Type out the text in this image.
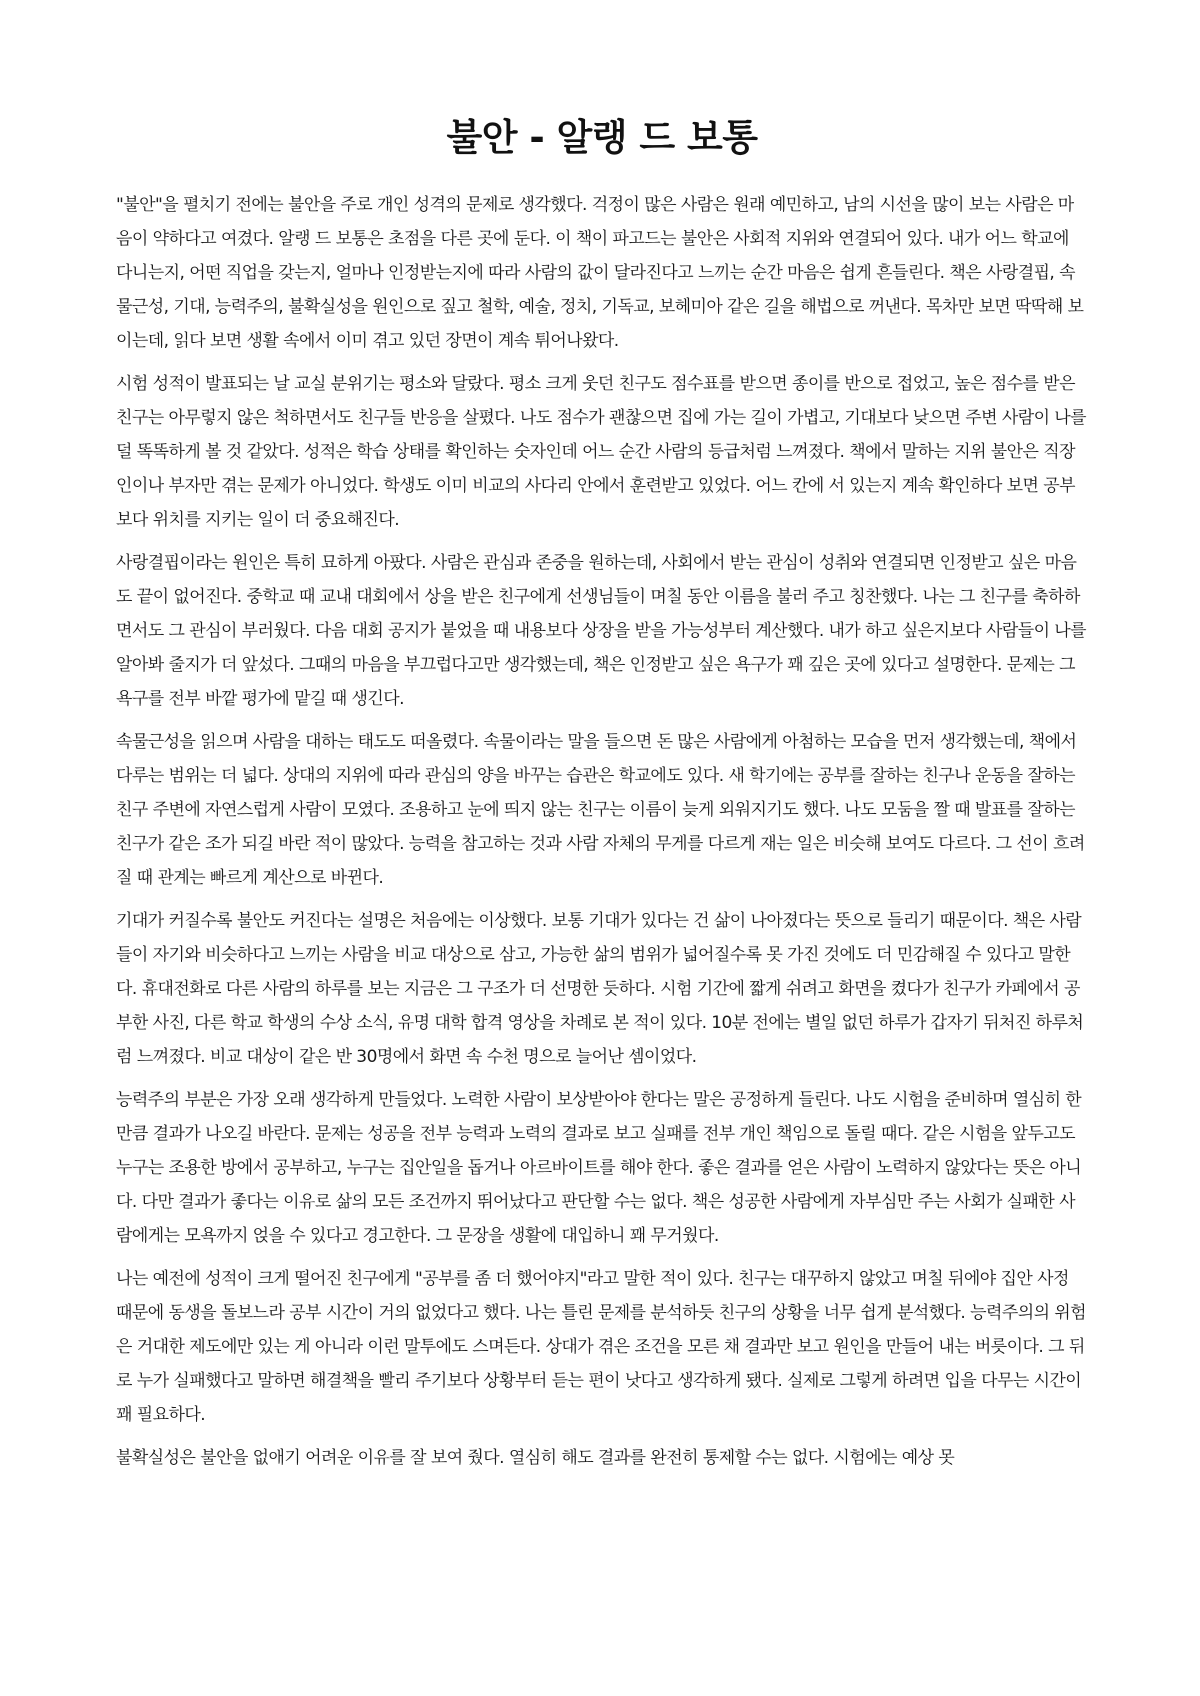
불안 - 알랭 드 보통

"불안"을 펼치기 전에는 불안을 주로 개인 성격의 문제로 생각했다. 걱정이 많은 사람은 원래 예민하고, 남의 시선을 많이 보는 사람은 마음이 약하다고 여겼다. 알랭 드 보통은 초점을 다른 곳에 둔다. 이 책이 파고드는 불안은 사회적 지위와 연결되어 있다. 내가 어느 학교에 다니는지, 어떤 직업을 갖는지, 얼마나 인정받는지에 따라 사람의 값이 달라진다고 느끼는 순간 마음은 쉽게 흔들린다. 책은 사랑결핍, 속물근성, 기대, 능력주의, 불확실성을 원인으로 짚고 철학, 예술, 정치, 기독교, 보헤미아 같은 길을 해법으로 꺼낸다. 목차만 보면 딱딱해 보이는데, 읽다 보면 생활 속에서 이미 겪고 있던 장면이 계속 튀어나왔다.

시험 성적이 발표되는 날 교실 분위기는 평소와 달랐다. 평소 크게 웃던 친구도 점수표를 받으면 종이를 반으로 접었고, 높은 점수를 받은 친구는 아무렇지 않은 척하면서도 친구들 반응을 살폈다. 나도 점수가 괜찮으면 집에 가는 길이 가볍고, 기대보다 낮으면 주변 사람이 나를 덜 똑똑하게 볼 것 같았다. 성적은 학습 상태를 확인하는 숫자인데 어느 순간 사람의 등급처럼 느껴졌다. 책에서 말하는 지위 불안은 직장인이나 부자만 겪는 문제가 아니었다. 학생도 이미 비교의 사다리 안에서 훈련받고 있었다. 어느 칸에 서 있는지 계속 확인하다 보면 공부보다 위치를 지키는 일이 더 중요해진다.

사랑결핍이라는 원인은 특히 묘하게 아팠다. 사람은 관심과 존중을 원하는데, 사회에서 받는 관심이 성취와 연결되면 인정받고 싶은 마음도 끝이 없어진다. 중학교 때 교내 대회에서 상을 받은 친구에게 선생님들이 며칠 동안 이름을 불러 주고 칭찬했다. 나는 그 친구를 축하하면서도 그 관심이 부러웠다. 다음 대회 공지가 붙었을 때 내용보다 상장을 받을 가능성부터 계산했다. 내가 하고 싶은지보다 사람들이 나를 알아봐 줄지가 더 앞섰다. 그때의 마음을 부끄럽다고만 생각했는데, 책은 인정받고 싶은 욕구가 꽤 깊은 곳에 있다고 설명한다. 문제는 그 욕구를 전부 바깥 평가에 맡길 때 생긴다.

속물근성을 읽으며 사람을 대하는 태도도 떠올렸다. 속물이라는 말을 들으면 돈 많은 사람에게 아첨하는 모습을 먼저 생각했는데, 책에서 다루는 범위는 더 넓다. 상대의 지위에 따라 관심의 양을 바꾸는 습관은 학교에도 있다. 새 학기에는 공부를 잘하는 친구나 운동을 잘하는 친구 주변에 자연스럽게 사람이 모였다. 조용하고 눈에 띄지 않는 친구는 이름이 늦게 외워지기도 했다. 나도 모둠을 짤 때 발표를 잘하는 친구가 같은 조가 되길 바란 적이 많았다. 능력을 참고하는 것과 사람 자체의 무게를 다르게 재는 일은 비슷해 보여도 다르다. 그 선이 흐려질 때 관계는 빠르게 계산으로 바뀐다.

기대가 커질수록 불안도 커진다는 설명은 처음에는 이상했다. 보통 기대가 있다는 건 삶이 나아졌다는 뜻으로 들리기 때문이다. 책은 사람들이 자기와 비슷하다고 느끼는 사람을 비교 대상으로 삼고, 가능한 삶의 범위가 넓어질수록 못 가진 것에도 더 민감해질 수 있다고 말한다. 휴대전화로 다른 사람의 하루를 보는 지금은 그 구조가 더 선명한 듯하다. 시험 기간에 짧게 쉬려고 화면을 켰다가 친구가 카페에서 공부한 사진, 다른 학교 학생의 수상 소식, 유명 대학 합격 영상을 차례로 본 적이 있다. 10분 전에는 별일 없던 하루가 갑자기 뒤처진 하루처럼 느껴졌다. 비교 대상이 같은 반 30명에서 화면 속 수천 명으로 늘어난 셈이었다.

능력주의 부분은 가장 오래 생각하게 만들었다. 노력한 사람이 보상받아야 한다는 말은 공정하게 들린다. 나도 시험을 준비하며 열심히 한 만큼 결과가 나오길 바란다. 문제는 성공을 전부 능력과 노력의 결과로 보고 실패를 전부 개인 책임으로 돌릴 때다. 같은 시험을 앞두고도 누구는 조용한 방에서 공부하고, 누구는 집안일을 돕거나 아르바이트를 해야 한다. 좋은 결과를 얻은 사람이 노력하지 않았다는 뜻은 아니다. 다만 결과가 좋다는 이유로 삶의 모든 조건까지 뛰어났다고 판단할 수는 없다. 책은 성공한 사람에게 자부심만 주는 사회가 실패한 사람에게는 모욕까지 얹을 수 있다고 경고한다. 그 문장을 생활에 대입하니 꽤 무거웠다.

나는 예전에 성적이 크게 떨어진 친구에게 "공부를 좀 더 했어야지"라고 말한 적이 있다. 친구는 대꾸하지 않았고 며칠 뒤에야 집안 사정 때문에 동생을 돌보느라 공부 시간이 거의 없었다고 했다. 나는 틀린 문제를 분석하듯 친구의 상황을 너무 쉽게 분석했다. 능력주의의 위험은 거대한 제도에만 있는 게 아니라 이런 말투에도 스며든다. 상대가 겪은 조건을 모른 채 결과만 보고 원인을 만들어 내는 버릇이다. 그 뒤로 누가 실패했다고 말하면 해결책을 빨리 주기보다 상황부터 듣는 편이 낫다고 생각하게 됐다. 실제로 그렇게 하려면 입을 다무는 시간이 꽤 필요하다.

불확실성은 불안을 없애기 어려운 이유를 잘 보여 줬다. 열심히 해도 결과를 완전히 통제할 수는 없다. 시험에는 예상 못
